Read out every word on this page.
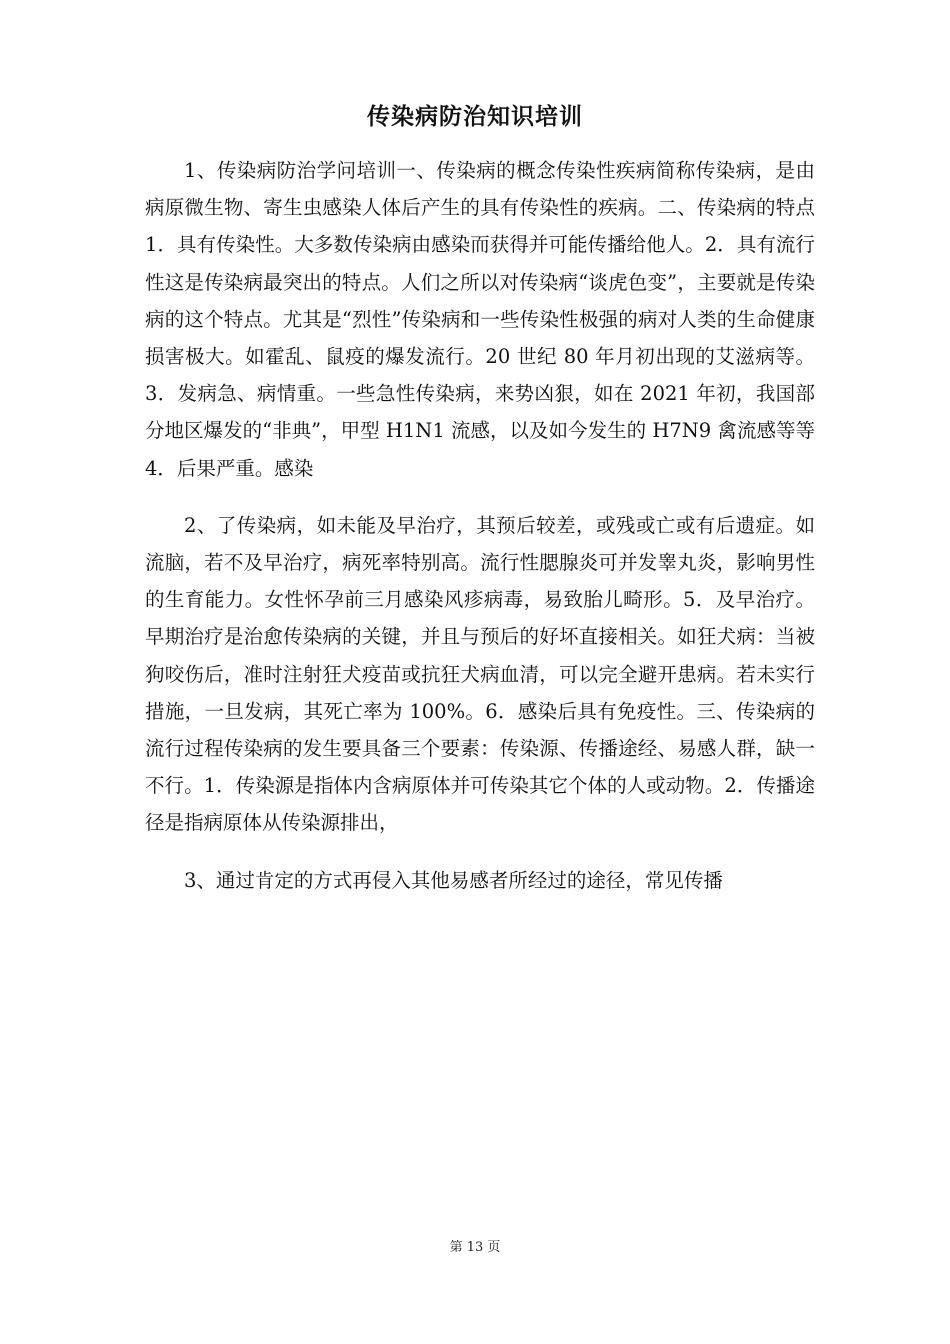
传染病防治知识培训

1、传染病防治学问培训一、传染病的概念传染性疾病简称传染病，是由病原微生物、寄生虫感染人体后产生的具有传染性的疾病。二、传染病的特点1．具有传染性。大多数传染病由感染而获得并可能传播给他人。2．具有流行性这是传染病最突出的特点。人们之所以对传染病“谈虎色变”，主要就是传染病的这个特点。尤其是“烈性”传染病和一些传染性极强的病对人类的生命健康损害极大。如霍乱、鼠疫的爆发流行。20 世纪 80 年月初出现的艾滋病等。3．发病急、病情重。一些急性传染病，来势凶狠，如在 2021 年初，我国部分地区爆发的“非典”，甲型 H1N1 流感，以及如今发生的 H7N9 禽流感等等 4．后果严重。感染

2、了传染病，如未能及早治疗，其预后较差，或残或亡或有后遗症。如流脑，若不及早治疗，病死率特别高。流行性腮腺炎可并发睾丸炎，影响男性的生育能力。女性怀孕前三月感染风疹病毒，易致胎儿畸形。5．及早治疗。早期治疗是治愈传染病的关键，并且与预后的好坏直接相关。如狂犬病：当被狗咬伤后，准时注射狂犬疫苗或抗狂犬病血清，可以完全避开患病。若未实行措施，一旦发病，其死亡率为 100%。6．感染后具有免疫性。三、传染病的流行过程传染病的发生要具备三个要素：传染源、传播途经、易感人群，缺一不行。1．传染源是指体内含病原体并可传染其它个体的人或动物。2．传播途径是指病原体从传染源排出，

3、通过肯定的方式再侵入其他易感者所经过的途径，常见传播

第 13 页
